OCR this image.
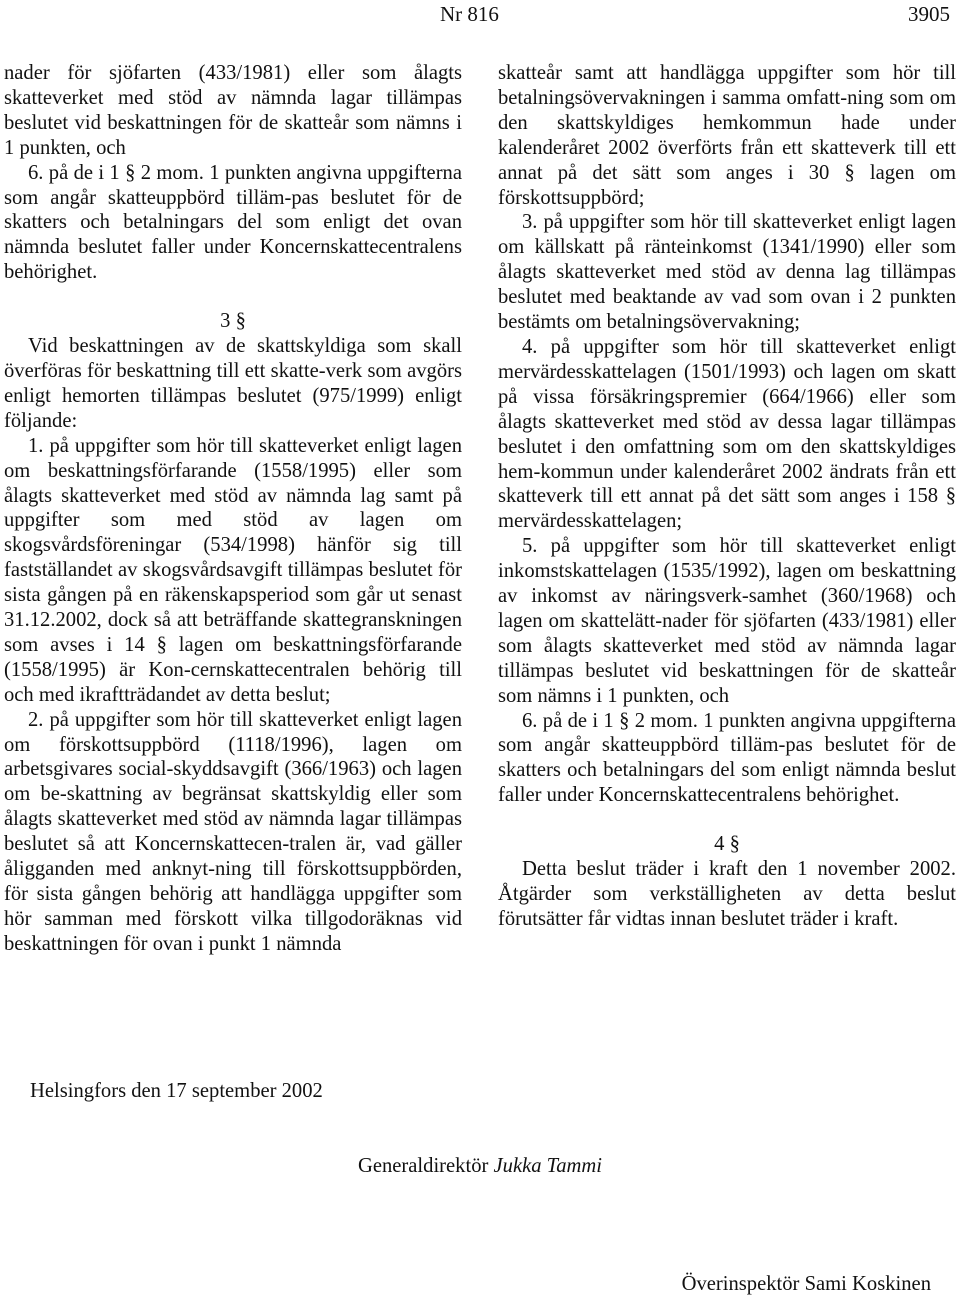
Nr 816	3905

nader för sjöfarten (433/1981) eller som ålagts skatteverket med stöd av nämnda lagar tillämpas beslutet vid beskattningen för de skatteår som nämns i 1 punkten, och

6. på de i 1 § 2 mom. 1 punkten angivna uppgifterna som angår skatteuppbörd tilläm-pas beslutet för de skatters och betalningars del som enligt det ovan nämnda beslutet faller under Koncernskattecentralens behörighet.

3 §

Vid beskattningen av de skattskyldiga som skall överföras för beskattning till ett skatte-verk som avgörs enligt hemorten tillämpas beslutet (975/1999) enligt följande:

1. på uppgifter som hör till skatteverket enligt lagen om beskattningsförfarande (1558/1995) eller som ålagts skatteverket med stöd av nämnda lag samt på uppgifter som med stöd av lagen om skogsvårdsföreningar (534/1998) hänför sig till fastställandet av skogsvårdsavgift tillämpas beslutet för sista gången på en räkenskapsperiod som går ut senast 31.12.2002, dock så att beträffande skattegranskningen som avses i 14 § lagen om beskattningsförfarande (1558/1995) är Kon-cernskattecentralen behörig till och med ikraftträdandet av detta beslut;

2. på uppgifter som hör till skatteverket enligt lagen om förskottsuppbörd (1118/1996), lagen om arbetsgivares social-skyddsavgift (366/1963) och lagen om be-skattning av begränsat skattskyldig eller som ålagts skatteverket med stöd av nämnda lagar tillämpas beslutet så att Koncernskattecen-tralen är, vad gäller åligganden med anknyt-ning till förskottsuppbörden, för sista gången behörig att handlägga uppgifter som hör samman med förskott vilka tillgodoräknas vid beskattningen för ovan i punkt 1 nämnda

skatteår samt att handlägga uppgifter som hör till betalningsövervakningen i samma omfatt-ning som om den skattskyldiges hemkommun hade under kalenderåret 2002 överförts från ett skatteverk till ett annat på det sätt som anges i 30 § lagen om förskottsuppbörd;

3. på uppgifter som hör till skatteverket enligt lagen om källskatt på ränteinkomst (1341/1990) eller som ålagts skatteverket med stöd av denna lag tillämpas beslutet med beaktande av vad som ovan i 2 punkten bestämts om betalningsövervakning;

4. på uppgifter som hör till skatteverket enligt mervärdesskattelagen (1501/1993) och lagen om skatt på vissa försäkringspremier (664/1966) eller som ålagts skatteverket med stöd av dessa lagar tillämpas beslutet i den omfattning som om den skattskyldiges hem-kommun under kalenderåret 2002 ändrats från ett skatteverk till ett annat på det sätt som anges i 158 § mervärdesskattelagen;

5. på uppgifter som hör till skatteverket enligt inkomstskattelagen (1535/1992), lagen om beskattning av inkomst av näringsverk-samhet (360/1968) och lagen om skattelätt-nader för sjöfarten (433/1981) eller som ålagts skatteverket med stöd av nämnda lagar tillämpas beslutet vid beskattningen för de skatteår som nämns i 1 punkten, och

6. på de i 1 § 2 mom. 1 punkten angivna uppgifterna som angår skatteuppbörd tilläm-pas beslutet för de skatters och betalningars del som enligt nämnda beslut faller under Koncernskattecentralens behörighet.

4 §

Detta beslut träder i kraft den 1 november 2002. Åtgärder som verkställigheten av detta beslut förutsätter får vidtas innan beslutet träder i kraft.

Helsingfors den 17 september 2002
Generaldirektör Jukka Tammi
Överinspektör Sami Koskinen
